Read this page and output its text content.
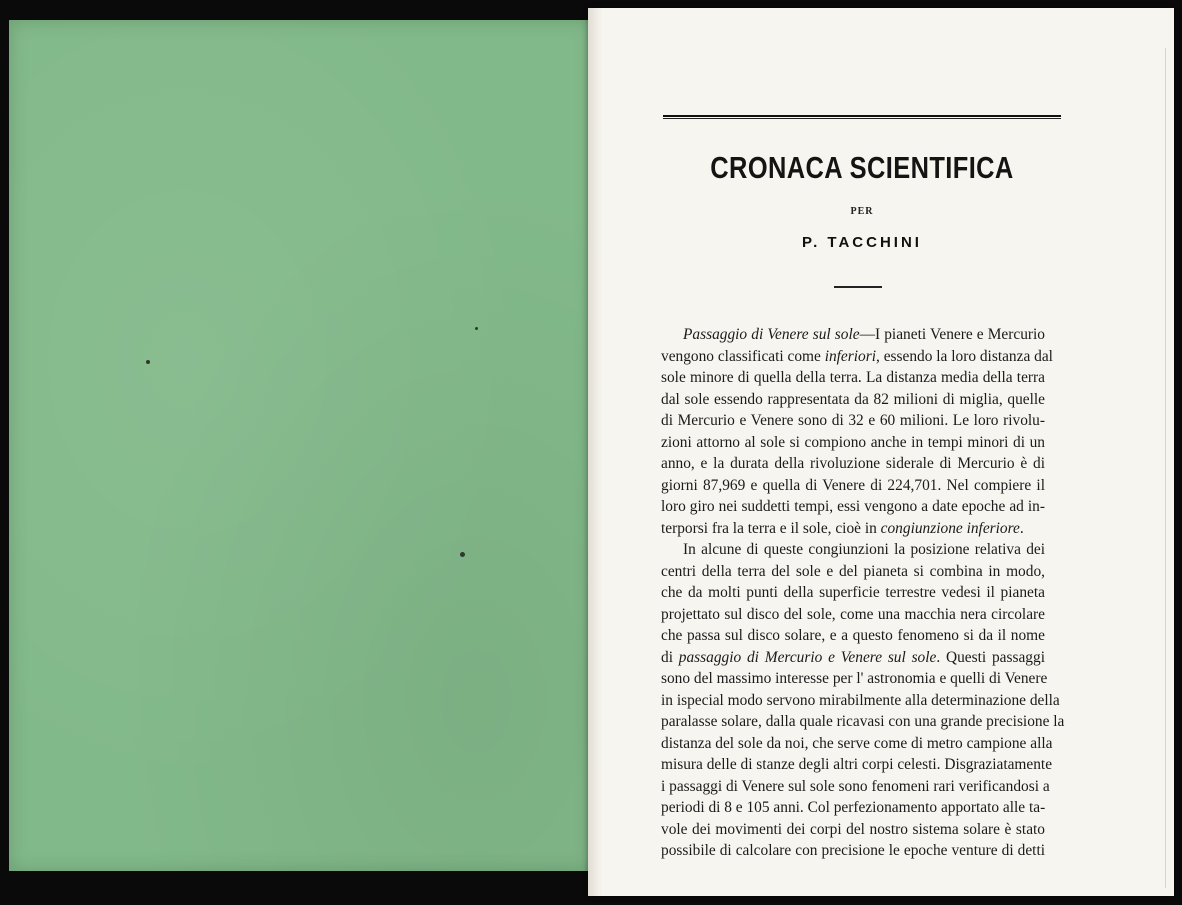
CRONACA SCIENTIFICA
PER
P. TACCHINI
Passaggio di Venere sul sole—I pianeti Venere e Mercurio
vengono classificati come inferiori, essendo la loro distanza dal
sole minore di quella della terra. La distanza media della terra
dal sole essendo rappresentata da 82 milioni di miglia, quelle
di Mercurio e Venere sono di 32 e 60 milioni. Le loro rivolu-
zioni attorno al sole si compiono anche in tempi minori di un
anno, e la durata della rivoluzione siderale di Mercurio è di
giorni 87,969 e quella di Venere di 224,701. Nel compiere il
loro giro nei suddetti tempi, essi vengono a date epoche ad in-
terporsi fra la terra e il sole, cioè in congiunzione inferiore.
In alcune di queste congiunzioni la posizione relativa dei
centri della terra del sole e del pianeta si combina in modo,
che da molti punti della superficie terrestre vedesi il pianeta
projettato sul disco del sole, come una macchia nera circolare
che passa sul disco solare, e a questo fenomeno si da il nome
di passaggio di Mercurio e Venere sul sole. Questi passaggi
sono del massimo interesse per l' astronomia e quelli di Venere
in ispecial modo servono mirabilmente alla determinazione della
paralasse solare, dalla quale ricavasi con una grande precisione la
distanza del sole da noi, che serve come di metro campione alla
misura delle di stanze degli altri corpi celesti. Disgraziatamente
i passaggi di Venere sul sole sono fenomeni rari verificandosi a
periodi di 8 e 105 anni. Col perfezionamento apportato alle ta-
vole dei movimenti dei corpi del nostro sistema solare è stato
possibile di calcolare con precisione le epoche venture di detti
